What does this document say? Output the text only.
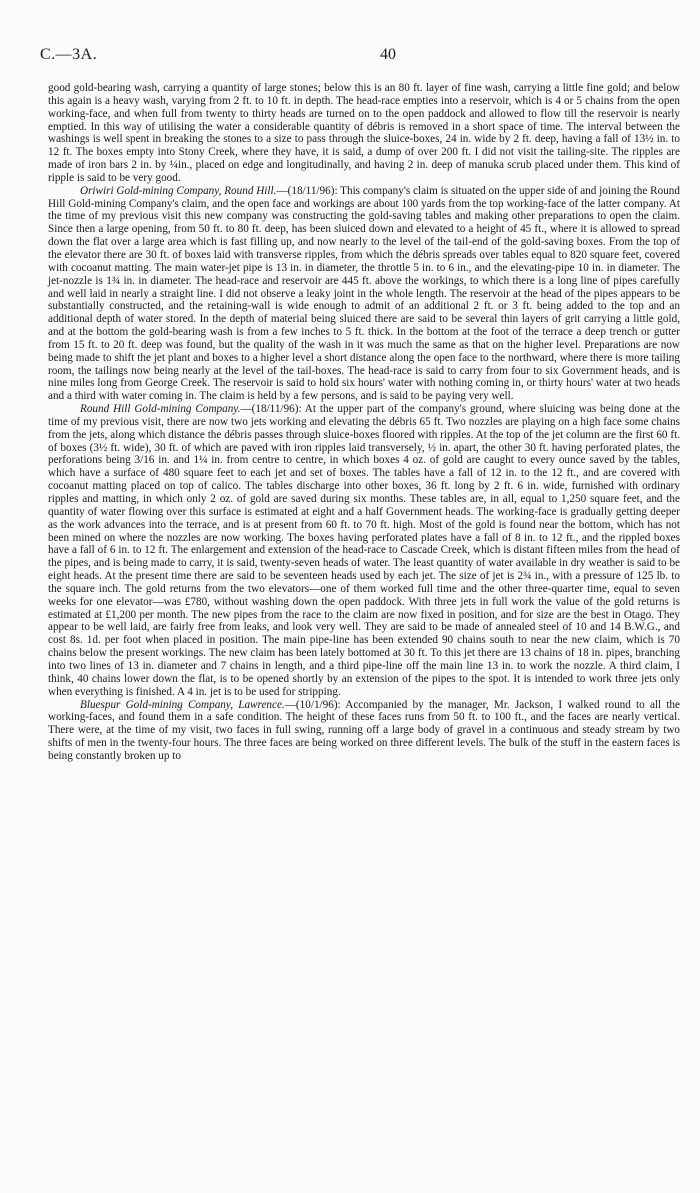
C.—3A.	40

good gold-bearing wash, carrying a quantity of large stones; below this is an 80 ft. layer of fine wash, carrying a little fine gold; and below this again is a heavy wash, varying from 2 ft. to 10 ft. in depth. The head-race empties into a reservoir, which is 4 or 5 chains from the open working-face, and when full from twenty to thirty heads are turned on to the open paddock and allowed to flow till the reservoir is nearly emptied. In this way of utilising the water a considerable quantity of débris is removed in a short space of time. The interval between the washings is well spent in breaking the stones to a size to pass through the sluice-boxes, 24 in. wide by 2 ft. deep, having a fall of 13½ in. to 12 ft. The boxes empty into Stony Creek, where they have, it is said, a dump of over 200 ft. I did not visit the tailing-site. The ripples are made of iron bars 2 in. by ¼in., placed on edge and longitudinally, and having 2 in. deep of manuka scrub placed under them. This kind of ripple is said to be very good.

Oriwiri Gold-mining Company, Round Hill.—(18/11/96): This company's claim is situated on the upper side of and joining the Round Hill Gold-mining Company's claim, and the open face and workings are about 100 yards from the top working-face of the latter company. At the time of my previous visit this new company was constructing the gold-saving tables and making other preparations to open the claim. Since then a large opening, from 50 ft. to 80 ft. deep, has been sluiced down and elevated to a height of 45 ft., where it is allowed to spread down the flat over a large area which is fast filling up, and now nearly to the level of the tail-end of the gold-saving boxes. From the top of the elevator there are 30 ft. of boxes laid with transverse ripples, from which the débris spreads over tables equal to 820 square feet, covered with cocoanut matting. The main water-jet pipe is 13 in. in diameter, the throttle 5 in. to 6 in., and the elevating-pipe 10 in. in diameter. The jet-nozzle is 1¾ in. in diameter. The head-race and reservoir are 445 ft. above the workings, to which there is a long line of pipes carefully and well laid in nearly a straight line. I did not observe a leaky joint in the whole length. The reservoir at the head of the pipes appears to be substantially constructed, and the retaining-wall is wide enough to admit of an additional 2 ft. or 3 ft. being added to the top and an additional depth of water stored. In the depth of material being sluiced there are said to be several thin layers of grit carrying a little gold, and at the bottom the gold-bearing wash is from a few inches to 5 ft. thick. In the bottom at the foot of the terrace a deep trench or gutter from 15 ft. to 20 ft. deep was found, but the quality of the wash in it was much the same as that on the higher level. Preparations are now being made to shift the jet plant and boxes to a higher level a short distance along the open face to the northward, where there is more tailing room, the tailings now being nearly at the level of the tail-boxes. The head-race is said to carry from four to six Government heads, and is nine miles long from George Creek. The reservoir is said to hold six hours' water with nothing coming in, or thirty hours' water at two heads and a third with water coming in. The claim is held by a few persons, and is said to be paying very well.

Round Hill Gold-mining Company.—(18/11/96): At the upper part of the company's ground, where sluicing was being done at the time of my previous visit, there are now two jets working and elevating the débris 65 ft. Two nozzles are playing on a high face some chains from the jets, along which distance the débris passes through sluice-boxes floored with ripples. At the top of the jet column are the first 60 ft. of boxes (3½ ft. wide), 30 ft. of which are paved with iron ripples laid transversely, ½ in. apart, the other 30 ft. having perforated plates, the perforations being 3/16 in. and 1¼ in. from centre to centre, in which boxes 4 oz. of gold are caught to every ounce saved by the tables, which have a surface of 480 square feet to each jet and set of boxes. The tables have a fall of 12 in. to the 12 ft., and are covered with cocoanut matting placed on top of calico. The tables discharge into other boxes, 36 ft. long by 2 ft. 6 in. wide, furnished with ordinary ripples and matting, in which only 2 oz. of gold are saved during six months. These tables are, in all, equal to 1,250 square feet, and the quantity of water flowing over this surface is estimated at eight and a half Government heads. The working-face is gradually getting deeper as the work advances into the terrace, and is at present from 60 ft. to 70 ft. high. Most of the gold is found near the bottom, which has not been mined on where the nozzles are now working. The boxes having perforated plates have a fall of 8 in. to 12 ft., and the rippled boxes have a fall of 6 in. to 12 ft. The enlargement and extension of the head-race to Cascade Creek, which is distant fifteen miles from the head of the pipes, and is being made to carry, it is said, twenty-seven heads of water. The least quantity of water available in dry weather is said to be eight heads. At the present time there are said to be seventeen heads used by each jet. The size of jet is 2¾ in., with a pressure of 125 lb. to the square inch. The gold returns from the two elevators—one of them worked full time and the other three-quarter time, equal to seven weeks for one elevator—was £780, without washing down the open paddock. With three jets in full work the value of the gold returns is estimated at £1,200 per month. The new pipes from the race to the claim are now fixed in position, and for size are the best in Otago. They appear to be well laid, are fairly free from leaks, and look very well. They are said to be made of annealed steel of 10 and 14 B.W.G., and cost 8s. 1d. per foot when placed in position. The main pipe-line has been extended 90 chains south to near the new claim, which is 70 chains below the present workings. The new claim has been lately bottomed at 30 ft. To this jet there are 13 chains of 18 in. pipes, branching into two lines of 13 in. diameter and 7 chains in length, and a third pipe-line off the main line 13 in. to work the nozzle. A third claim, I think, 40 chains lower down the flat, is to be opened shortly by an extension of the pipes to the spot. It is intended to work three jets only when everything is finished. A 4 in. jet is to be used for stripping.

Bluespur Gold-mining Company, Lawrence.—(10/1/96): Accompanied by the manager, Mr. Jackson, I walked round to all the working-faces, and found them in a safe condition. The height of these faces runs from 50 ft. to 100 ft., and the faces are nearly vertical. There were, at the time of my visit, two faces in full swing, running off a large body of gravel in a continuous and steady stream by two shifts of men in the twenty-four hours. The three faces are being worked on three different levels. The bulk of the stuff in the eastern faces is being constantly broken up to
